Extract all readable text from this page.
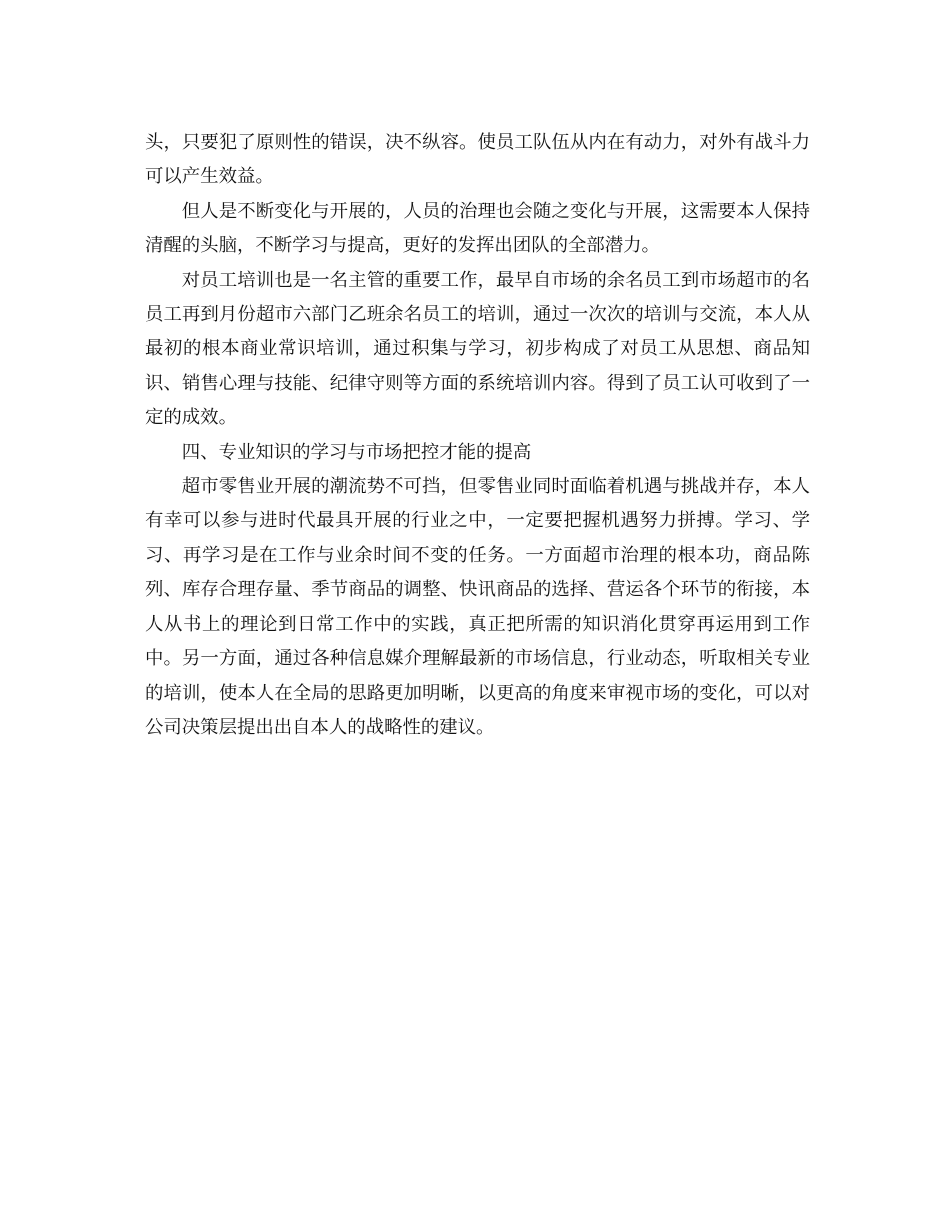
头，只要犯了原则性的错误，决不纵容。使员工队伍从内在有动力，对外有战斗力可以产生效益。

但人是不断变化与开展的，人员的治理也会随之变化与开展，这需要本人保持清醒的头脑，不断学习与提高，更好的发挥出团队的全部潜力。

对员工培训也是一名主管的重要工作，最早自市场的余名员工到市场超市的名员工再到月份超市六部门乙班余名员工的培训，通过一次次的培训与交流，本人从最初的根本商业常识培训，通过积集与学习，初步构成了对员工从思想、商品知识、销售心理与技能、纪律守则等方面的系统培训内容。得到了员工认可收到了一定的成效。

四、专业知识的学习与市场把控才能的提高

超市零售业开展的潮流势不可挡，但零售业同时面临着机遇与挑战并存，本人有幸可以参与进时代最具开展的行业之中，一定要把握机遇努力拼搏。学习、学习、再学习是在工作与业余时间不变的任务。一方面超市治理的根本功，商品陈列、库存合理存量、季节商品的调整、快讯商品的选择、营运各个环节的衔接，本人从书上的理论到日常工作中的实践，真正把所需的知识消化贯穿再运用到工作中。另一方面，通过各种信息媒介理解最新的市场信息，行业动态，听取相关专业的培训，使本人在全局的思路更加明晰，以更高的角度来审视市场的变化，可以对公司决策层提出出自本人的战略性的建议。
